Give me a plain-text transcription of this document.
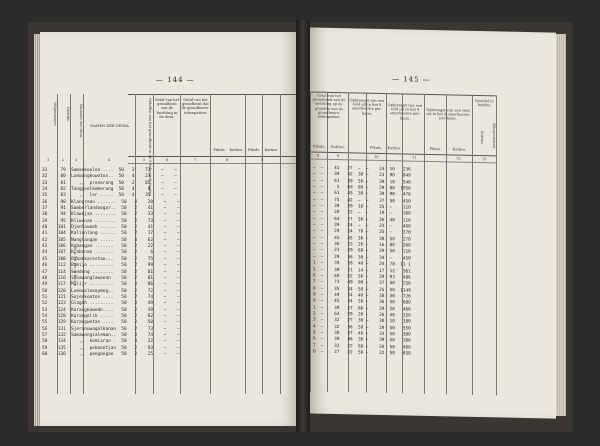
— 144 —
Volgnummer.	Distrikt.	Nummer der desa.	NAMEN DER DESSA.	Getallen van het grondbezit in de 9 bebouwde landen. Getal van het grondbezit van de bezitting in de desa.
Getal van het grondbezit dat de grondheere-tekenpatten.
Pikols.	Katties.	Pikols.	Katties.
1	2	3	4	5	6	7	8	9
Kalijoekoe
31     79  Samankoolon ....  50   2    73    —    —
32     80  Loewangkowoton..  50   4    23    —    —
33     81     ,,  pronorong  50   2    85    —    —
34     82  Tanggoelkemerang  50   4     8    —    —
35     83     ,,  ler......  50   4    35    —    —
36     90  Klangrean .......  50   4    20    —    —
37     91  Samberlandoogar..  50   2    41    —    —
38     94  Klawajan ........  50   2    33    —    —
39     95  Kliwonan ........  50   2    73    —    —
40    101  Djonlowoeh ......  50   2    41    —    —
41    104  Kalionlang ......  50   2    17    —    —
42    105  Nanglangan .....   50   4    62    —    —
43    106  Kabangan .......   50   2    22    —    —
44    107  Krabonan .......   50   2     6    —    —
45    108  Babakkarestan...   50   2    75    —    —
46    112  Bamijo .........   50   2    99    —    —
47    114  Sandong ........   50   2    81    —    —
48    116  Soeawanglawanan    50   2    81    —    —
49    117  Malijr .........   50   4    86    —    —
50    120  Loeowaloeaymng..   50   2    72    —    —
51    121  Sojenkooton ....   50   2    74    —    —
52    123  Glagah .........   50   3    49    —    —
53    124  Karangkawedn....   50   2    39    —    —
54    128  Karangolik .....   50   2    82    —    —
55    129  Karangwetan ....   50   2    50    —    —
56    131  Sjeranuwagalkanan  50   2    73    —    —
57    132  Samawongialeman..  50   3    74    —    —
58    134     ,,  komlaran .  50   4    22    —    —
59    135     ,,  pokoontjan  50   2    93    —    —
60    136     ,,  pongangan   50   2    25    —    —
— 145 —
Getal van het grondbezit van de bezitting op de gronden van de grondheere-tekenpatten.
Opbrengst van een veld uit in het 9 amerkeerne per-baon.
Opbrengst van een veld uit in het 9 amerkeerne per-baon.
Opbrengst van een veld uit in het 9 amerkeerne per-baon.
Voordel in katties.
Pikols.	Katties.	Pikols.	Katties.	Pikols.	Katties.
Katties.	Kilogrammen.
8	9	10	11	12	13
—  —    41   27  —  —    24  10   236
—  —    39   42  30 —    23  90   849
—  —    61   39  50 —    39  10   540
—  —     5   60  80 —    29  80  1050
—  —    61   45  30 —    39  90   476
—  —    75   42  —  —    37  50   450
—  —    39   20  10 —    25  —    110
—  —    20   22  —  —    19  —    100
—  —    64   27  50 —    26  40   110
—  —    39   24  —  —    23  —    460
—  —    29   24  70 —    25  —    270
—  —    45   45  30 —    38  50   270
—  —    36   22  20 —    16  80   260
—  —    23   20  60 —    29  50   116
—  —    29   36  30 —    34  —    450
1  —    39   28  40 —    24  78  11 1
5  —    39   21  14 —    17  12   361
6  —    40   52  50 —    29  93   486
7  —    73   49  90 —    37  40   256
8  —    35   34  50 —    25  50  1149
9  —    49   34  40 —    38  30   726
0  —    45   34  50 —    36  50   680
1  —    39   27  60 —    29  20   460
2  —    64   29  20 —    26  40   150
3  —    32   27  30 —    30  10   380
4  —    32   36  50 —    29  50   550
5  —    38   37  40 —    33  50   380
6  —    39   46  30 —    39  50   380
7  —    33   22  60 —    20  50   400
8  —    27   22  50 —    22  50   650
